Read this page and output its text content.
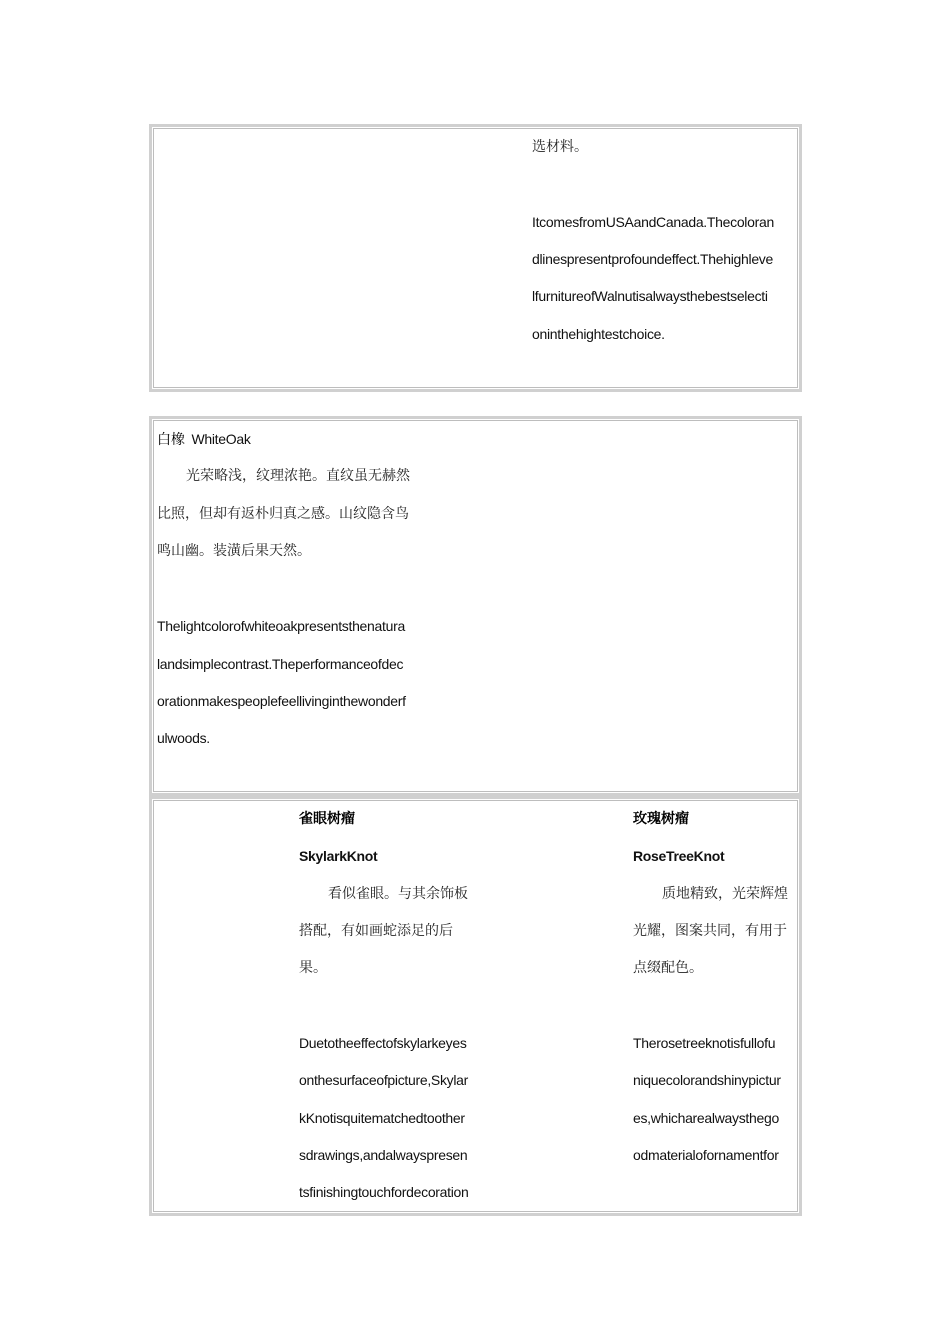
选材料。
ItcomesfromUSAandCanada.Thecoloran
dlinespresentprofoundeffect.Thehighleve
lfurnitureofWalnutisalwaysthebestselecti
oninthehightestchoice.
白橡 WhiteOak
光荣略浅，纹理浓艳。直纹虽无赫然
比照，但却有返朴归真之感。山纹隐含鸟
鸣山幽。装潢后果天然。
Thelightcolorofwhiteoakpresentsthenatura
landsimplecontrast.Theperformanceofdec
orationmakespeoplefeellivinginthewonderf
ulwoods.
雀眼树瘤
SkylarkKnot
看似雀眼。与其余饰板
搭配，有如画蛇添足的后
果。
Duetotheeffectofskylarkeyes
onthesurfaceofpicture,Skylar
kKnotisquitematchedtoother
sdrawings,andalwayspresen
tsfinishingtouchfordecoration
玫瑰树瘤
RoseTreeKnot
质地精致，光荣辉煌
光耀，图案共同，有用于
点缀配色。
Therosetreeknotisfullofu
niquecolorandshinypictur
es,whicharealwaysthego
odmaterialofornamentfor
